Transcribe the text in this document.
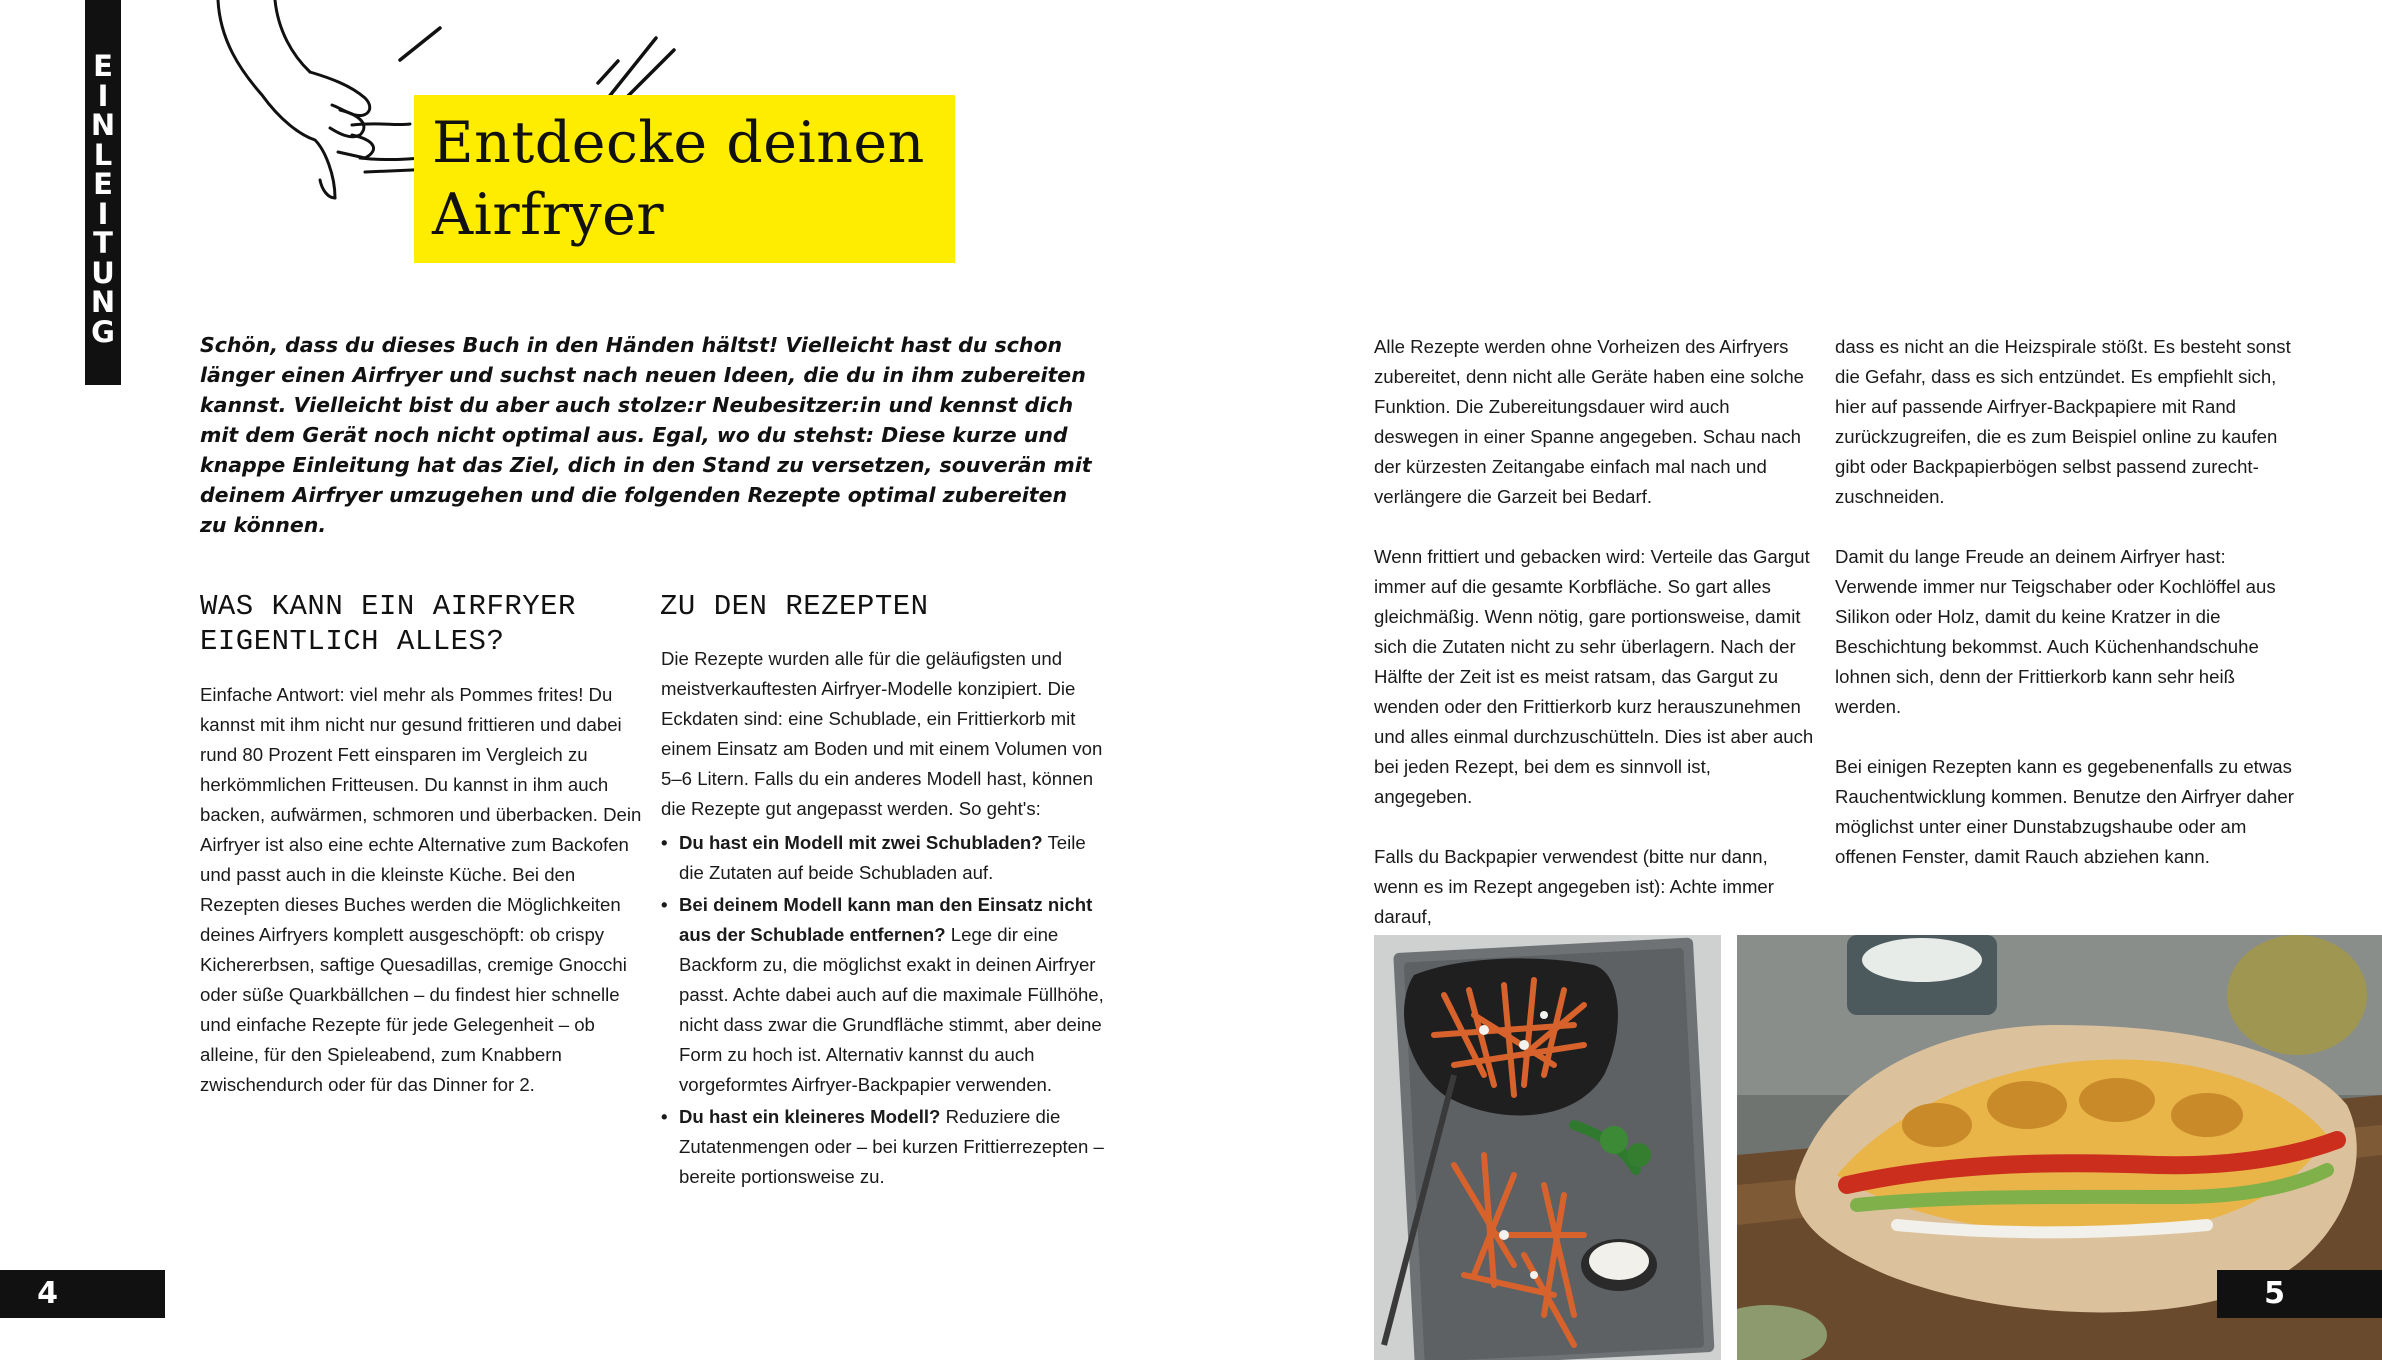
E
I
N
L
E
I
T
U
N
G
Entdecke deinen
Airfryer
Schön, dass du dieses Buch in den Händen hältst! Vielleicht hast du schon länger einen Airfryer und suchst nach neuen Ideen, die du in ihm zubereiten kannst. Vielleicht bist du aber auch stolze:r Neubesitzer:in und kennst dich mit dem Gerät noch nicht optimal aus. Egal, wo du stehst: Diese kurze und knappe Einleitung hat das Ziel, dich in den Stand zu versetzen, souverän mit deinem Airfryer umzugehen und die folgenden Rezepte optimal zubereiten zu können.
WAS KANN EIN AIRFRYER
EIGENTLICH ALLES?
Einfache Antwort: viel mehr als Pommes frites! Du kannst mit ihm nicht nur gesund frittieren und dabei rund 80 Prozent Fett einsparen im Vergleich zu herkömmlichen Fritteusen. Du kannst in ihm auch backen, aufwärmen, schmoren und überbacken. Dein Airfryer ist also eine echte Alternative zum Backofen und passt auch in die kleinste Küche. Bei den Rezepten dieses Buches werden die Möglichkeiten deines Airfryers komplett ausgeschöpft: ob crispy Kichererbsen, saftige Quesadillas, cremige Gnocchi oder süße Quarkbällchen – du findest hier schnelle und einfache Rezepte für jede Gelegenheit – ob alleine, für den Spieleabend, zum Knabbern zwischendurch oder für das Dinner for 2.
ZU DEN REZEPTEN

Die Rezepte wurden alle für die geläufigsten und meistverkauftesten Airfryer-Modelle konzipiert. Die Eckdaten sind: eine Schublade, ein Frittierkorb mit einem Einsatz am Boden und mit einem Volumen von 5–6 Litern. Falls du ein anderes Modell hast, können die Rezepte gut angepasst werden. So geht's:

• Du hast ein Modell mit zwei Schubladen? Teile die Zutaten auf beide Schubladen auf.
• Bei deinem Modell kann man den Einsatz nicht aus der Schublade entfernen? Lege dir eine Backform zu, die möglichst exakt in deinen Airfryer passt. Achte dabei auch auf die maximale Füllhöhe, nicht dass zwar die Grundfläche stimmt, aber deine Form zu hoch ist. Alternativ kannst du auch vorgeformtes Airfryer-Backpapier verwenden.
• Du hast ein kleineres Modell? Reduziere die Zutatenmengen oder – bei kurzen Frittierrezepten – bereite portionsweise zu.

Alle Rezepte werden ohne Vorheizen des Airfryers zubereitet, denn nicht alle Geräte haben eine solche Funktion. Die Zubereitungsdauer wird auch deswegen in einer Spanne angegeben. Schau nach der kürzesten Zeitangabe einfach mal nach und verlängere die Garzeit bei Bedarf.

Wenn frittiert und gebacken wird: Verteile das Gargut immer auf die gesamte Korbfläche. So gart alles gleichmäßig. Wenn nötig, gare portionsweise, damit sich die Zutaten nicht zu sehr überlagern. Nach der Hälfte der Zeit ist es meist ratsam, das Gargut zu wenden oder den Frittierkorb kurz herauszunehmen und alles einmal durchzuschütteln. Dies ist aber auch bei jeden Rezept, bei dem es sinnvoll ist, angegeben.

Falls du Backpapier verwendest (bitte nur dann, wenn es im Rezept angegeben ist): Achte immer darauf,

dass es nicht an die Heizspirale stößt. Es besteht sonst die Gefahr, dass es sich entzündet. Es empfiehlt sich, hier auf passende Airfryer-Backpapiere mit Rand zurückzugreifen, die es zum Beispiel online zu kaufen gibt oder Backpapierbögen selbst passend zurecht-zuschneiden.

Damit du lange Freude an deinem Airfryer hast: Verwende immer nur Teigschaber oder Kochlöffel aus Silikon oder Holz, damit du keine Kratzer in die Beschichtung bekommst. Auch Küchenhandschuhe lohnen sich, denn der Frittierkorb kann sehr heiß werden.

Bei einigen Rezepten kann es gegebenenfalls zu etwas Rauchentwicklung kommen. Benutze den Airfryer daher möglichst unter einer Dunstabzugshaube oder am offenen Fenster, damit Rauch abziehen kann.

4	5
